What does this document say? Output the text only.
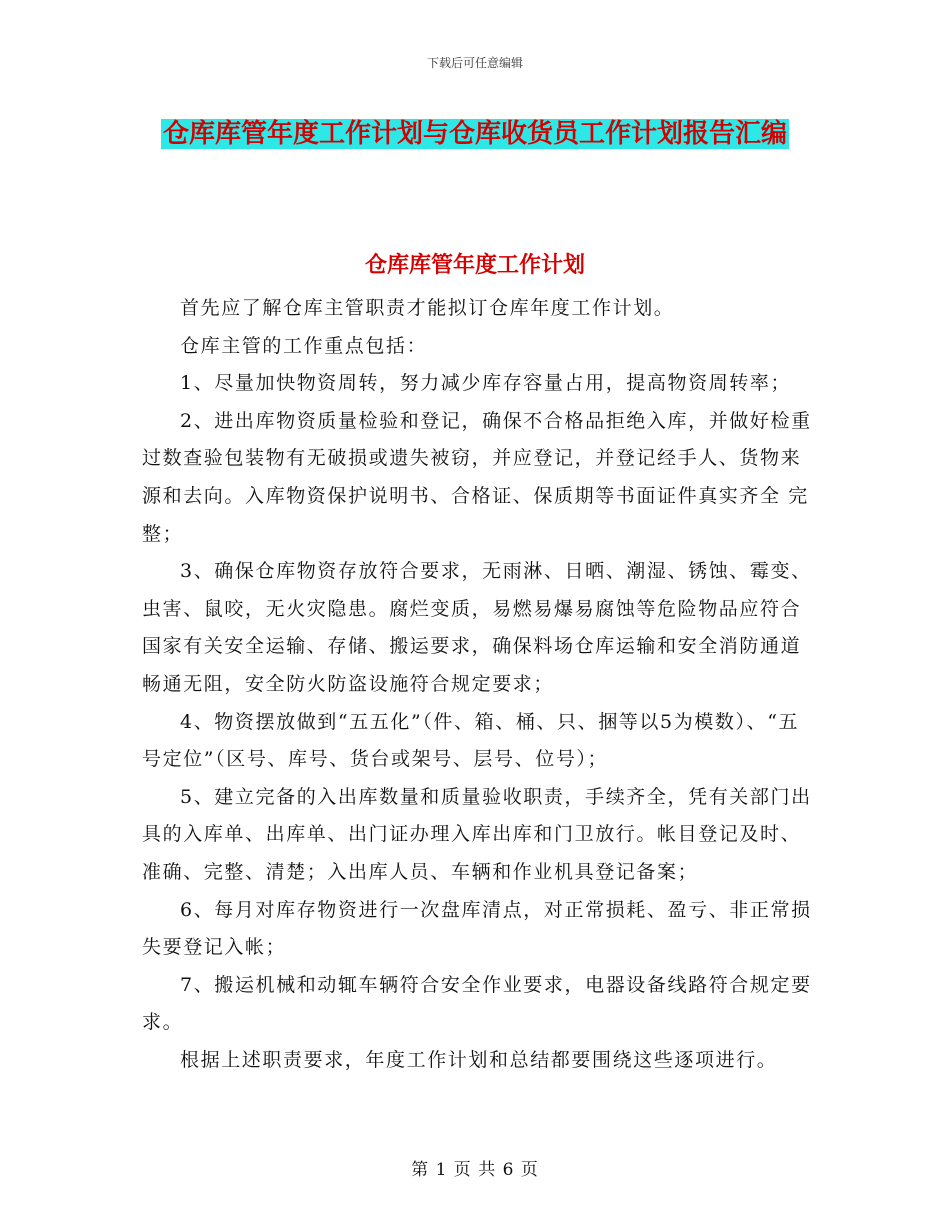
下载后可任意编辑
仓库库管年度工作计划与仓库收货员工作计划报告汇编
仓库库管年度工作计划

首先应了解仓库主管职责才能拟订仓库年度工作计划。

仓库主管的工作重点包括：

1、尽量加快物资周转，努力减少库存容量占用，提高物资周转率；

2、进出库物资质量检验和登记，确保不合格品拒绝入库，并做好检重过数查验包装物有无破损或遗失被窃，并应登记，并登记经手人、货物来源和去向。入库物资保护说明书、合格证、保质期等书面证件真实齐全 完整；

3、确保仓库物资存放符合要求，无雨淋、日晒、潮湿、锈蚀、霉变、虫害、鼠咬，无火灾隐患。腐烂变质，易燃易爆易腐蚀等危险物品应符合国家有关安全运输、存储、搬运要求，确保料场仓库运输和安全消防通道畅通无阻，安全防火防盗设施符合规定要求；

4、物资摆放做到“五五化”（件、箱、桶、只、捆等以5为模数）、“五号定位”（区号、库号、货台或架号、层号、位号）；

5、建立完备的入出库数量和质量验收职责，手续齐全，凭有关部门出具的入库单、出库单、出门证办理入库出库和门卫放行。帐目登记及时、准确、完整、清楚；入出库人员、车辆和作业机具登记备案；

6、每月对库存物资进行一次盘库清点，对正常损耗、盈亏、非正常损失要登记入帐；

7、搬运机械和动辄车辆符合安全作业要求，电器设备线路符合规定要求。

根据上述职责要求，年度工作计划和总结都要围绕这些逐项进行。

第 1 页 共 6 页
